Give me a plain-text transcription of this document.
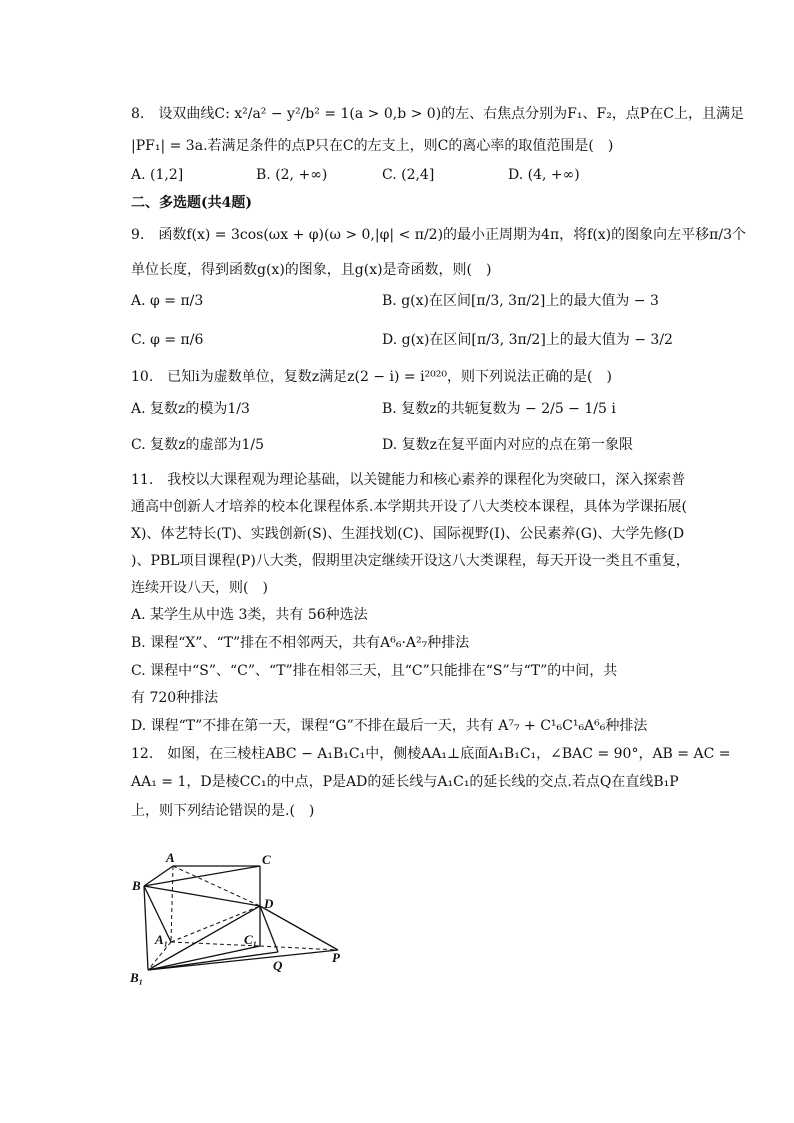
8.　设双曲线C: x²/a² − y²/b² = 1(a > 0,b > 0)的左、右焦点分别为F₁、F₂，点P在C上，且满足
|PF₁| = 3a.若满足条件的点P只在C的左支上，则C的离心率的取值范围是(　)
A. (1,2]	B. (2, +∞)	C. (2,4]	D. (4, +∞)
二、多选题(共4题)
9.　函数f(x) = 3cos(ωx + φ)(ω > 0,|φ| < π/2)的最小正周期为4π，将f(x)的图象向左平移π/3个
单位长度，得到函数g(x)的图象，且g(x)是奇函数，则(　)
A. φ = π/3	B. g(x)在区间[π/3, 3π/2]上的最大值为 − 3
C. φ = π/6	D. g(x)在区间[π/3, 3π/2]上的最大值为 − 3/2
10.　已知i为虚数单位，复数z满足z(2 − i) = i²⁰²⁰，则下列说法正确的是(　)
A. 复数z的模为1/3	B. 复数z的共轭复数为 − 2/5 − 1/5 i
C. 复数z的虚部为1/5	D. 复数z在复平面内对应的点在第一象限
11.　我校以大课程观为理论基础，以关键能力和核心素养的课程化为突破口，深入探索普
通高中创新人才培养的校本化课程体系.本学期共开设了八大类校本课程，具体为学课拓展(
X)、体艺特长(T)、实践创新(S)、生涯找划(C)、国际视野(I)、公民素养(G)、大学先修(D
)、PBL项目课程(P)八大类，假期里决定继续开设这八大类课程，每天开设一类且不重复，
连续开设八天，则(　)
A. 某学生从中选 3类，共有 56种选法
B. 课程“X”、“T”排在不相邻两天，共有A⁶₆·A²₇种排法
C. 课程中“S”、“C”、“T”排在相邻三天，且“C”只能排在“S”与“T”的中间，共
有 720种排法
D. 课程“T”不排在第一天，课程“G”不排在最后一天，共有 A⁷₇ + C¹₆C¹₆A⁶₆种排法
12.　如图，在三棱柱ABC − A₁B₁C₁中，侧棱AA₁⊥底面A₁B₁C₁，∠BAC = 90°，AB = AC =
AA₁ = 1，D是棱CC₁的中点，P是AD的延长线与A₁C₁的延长线的交点.若点Q在直线B₁P
上，则下列结论错误的是.(　)
A	C
B
D
A₁	C₁
B₁
Q
P
